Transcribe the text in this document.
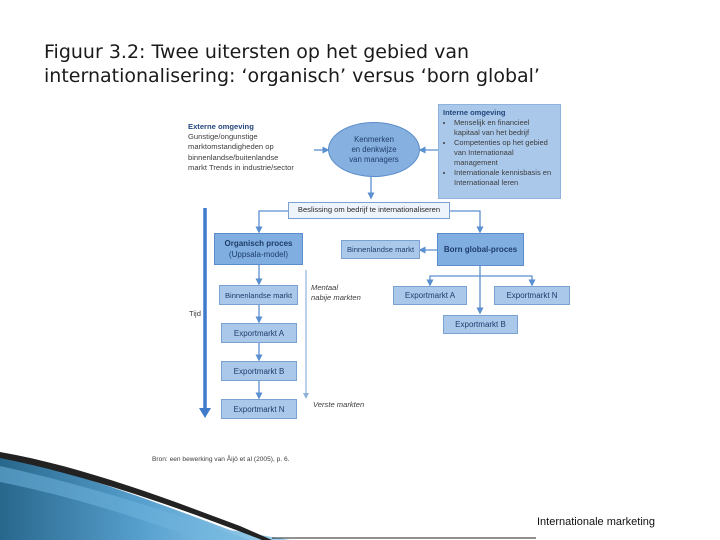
Figuur 3.2: Twee uitersten op het gebied van
internationalisering: ‘organisch’ versus ‘born global’
Externe omgeving
Gunstige/ongunstige
marktomstandigheden op
binnenlandse/buitenlandse
markt Trends in industrie/sector
Kenmerken
en denkwijze
van managers
Interne omgeving
• Menselijk en financieel kapitaal van het bedrijf
• Competenties op het gebied van Internationaal management
• Internationale kennisbasis en Internationaal leren
Beslissing om bedrijf te internationaliseren
Organisch proces
(Uppsala-model)
Born global-proces
Binnenlandse markt
Binnenlandse markt
Exportmarkt A
Exportmarkt B
Exportmarkt N
Exportmarkt A	Exportmarkt N
Exportmarkt B
Mentaal
nabije markten
Verste markten
Tijd
Bron: een bewerking van Åijö et al (2005), p. 6.
Internationale marketing
